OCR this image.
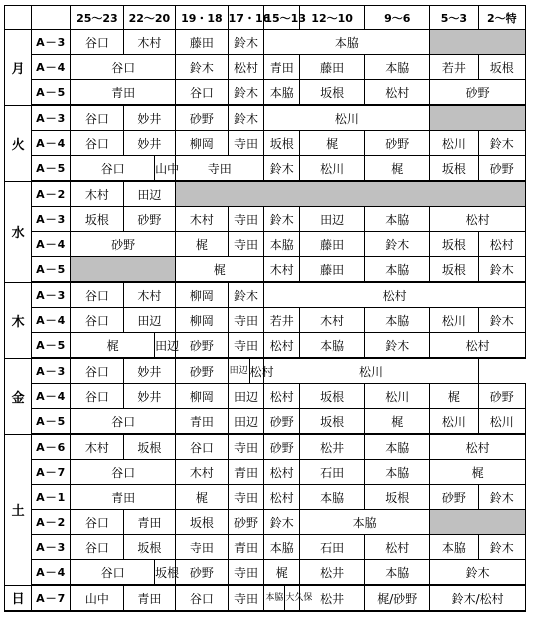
		25〜23	22〜20		19・18	17・16		15〜13		12〜10	9〜6	5〜3	2〜特
月	A－3	谷口	木村		藤田	鈴木		本脇					
	A－4	谷口			鈴木	松村		青田		藤田	本脇	若井	坂根
	A－5	青田			谷口	鈴木		本脇		坂根	松村	砂野	
火	A－3	谷口	妙井		砂野	鈴木		松川					
	A－4	谷口	妙井		柳岡	寺田		坂根		梶	砂野	松川	鈴木
	A－5	谷口		山中	寺田			鈴木		松川	梶	坂根	砂野
水	A－2	木村	田辺										
	A－3	坂根	砂野		木村	寺田		鈴木		田辺	本脇	松村	
	A－4	砂野			梶	寺田		本脇		藤田	鈴木	坂根	松村
	A－5				梶			木村		藤田	本脇	坂根	鈴木
木	A－3	谷口	木村		柳岡	鈴木		松村					
	A－4	谷口	田辺		柳岡	寺田		若井		木村	本脇	松川	鈴木
	A－5	梶		田辺	砂野	寺田		松村		本脇	鈴木	松村	
金	A－3	谷口	妙井		砂野	田辺	松村	松川					
	A－4	谷口	妙井		柳岡	田辺		松村		坂根	松川	梶	砂野
	A－5	谷口			青田	田辺		砂野		坂根	梶	松川	松川
土	A－6	木村	坂根		谷口	寺田		砂野		松井	本脇	松村	
	A－7	谷口			木村	青田		松村		石田	本脇	梶	
	A－1	青田			梶	寺田		松村		本脇	坂根	砂野	鈴木
	A－2	谷口	青田		坂根	砂野		鈴木		本脇			
	A－3	谷口	坂根		寺田	青田		本脇		石田	松村	本脇	鈴木
	A－4	谷口		坂根	砂野	寺田		梶		松井	本脇	鈴木	
日	A－7	山中	青田		谷口	寺田		本脇	大久保	松井	梶/砂野	鈴木/松村	
